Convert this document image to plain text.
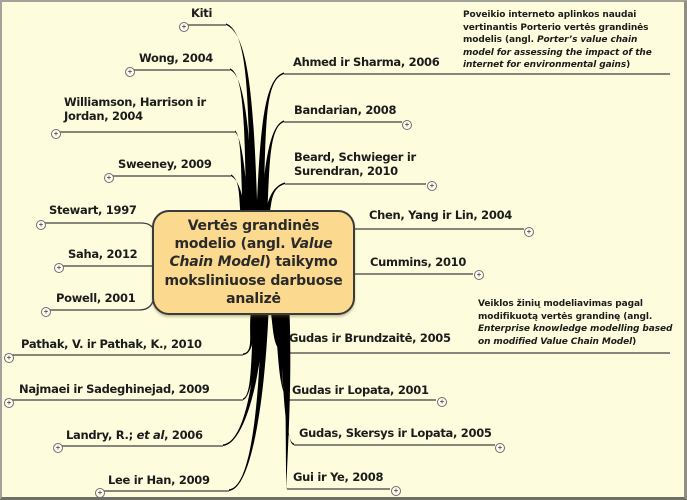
Vertės grandinės modelio (angl. Value Chain Model) taikymo moksliniuose darbuose analizė

Kiti
Wong, 2004
Williamson, Harrison ir Jordan, 2004
Sweeney, 2009
Stewart, 1997
Saha, 2012
Powell, 2001
Pathak, V. ir Pathak, K., 2010
Najmaei ir Sadeghinejad, 2009
Landry, R.; et al, 2006
Lee ir Han, 2009
Ahmed ir Sharma, 2006
Bandarian, 2008
Beard, Schwieger ir Surendran, 2010
Chen, Yang ir Lin, 2004
Cummins, 2010
Gudas ir Brundzaitė, 2005
Gudas ir Lopata, 2001
Gudas, Skersys ir Lopata, 2005
Gui ir Ye, 2008
Poveikio interneto aplinkos naudai vertinantis Porterio vertės grandinės modelis (angl. Porter’s value chain model for assessing the impact of the internet for environmental gains)
Veiklos žinių modeliavimas pagal modifikuotą vertės grandinę (angl. Enterprise knowledge modelling based on modified Value Chain Model)
+
+
+
+
+
+
+
+
+
+
+
+
+
+
+
+
+
+
